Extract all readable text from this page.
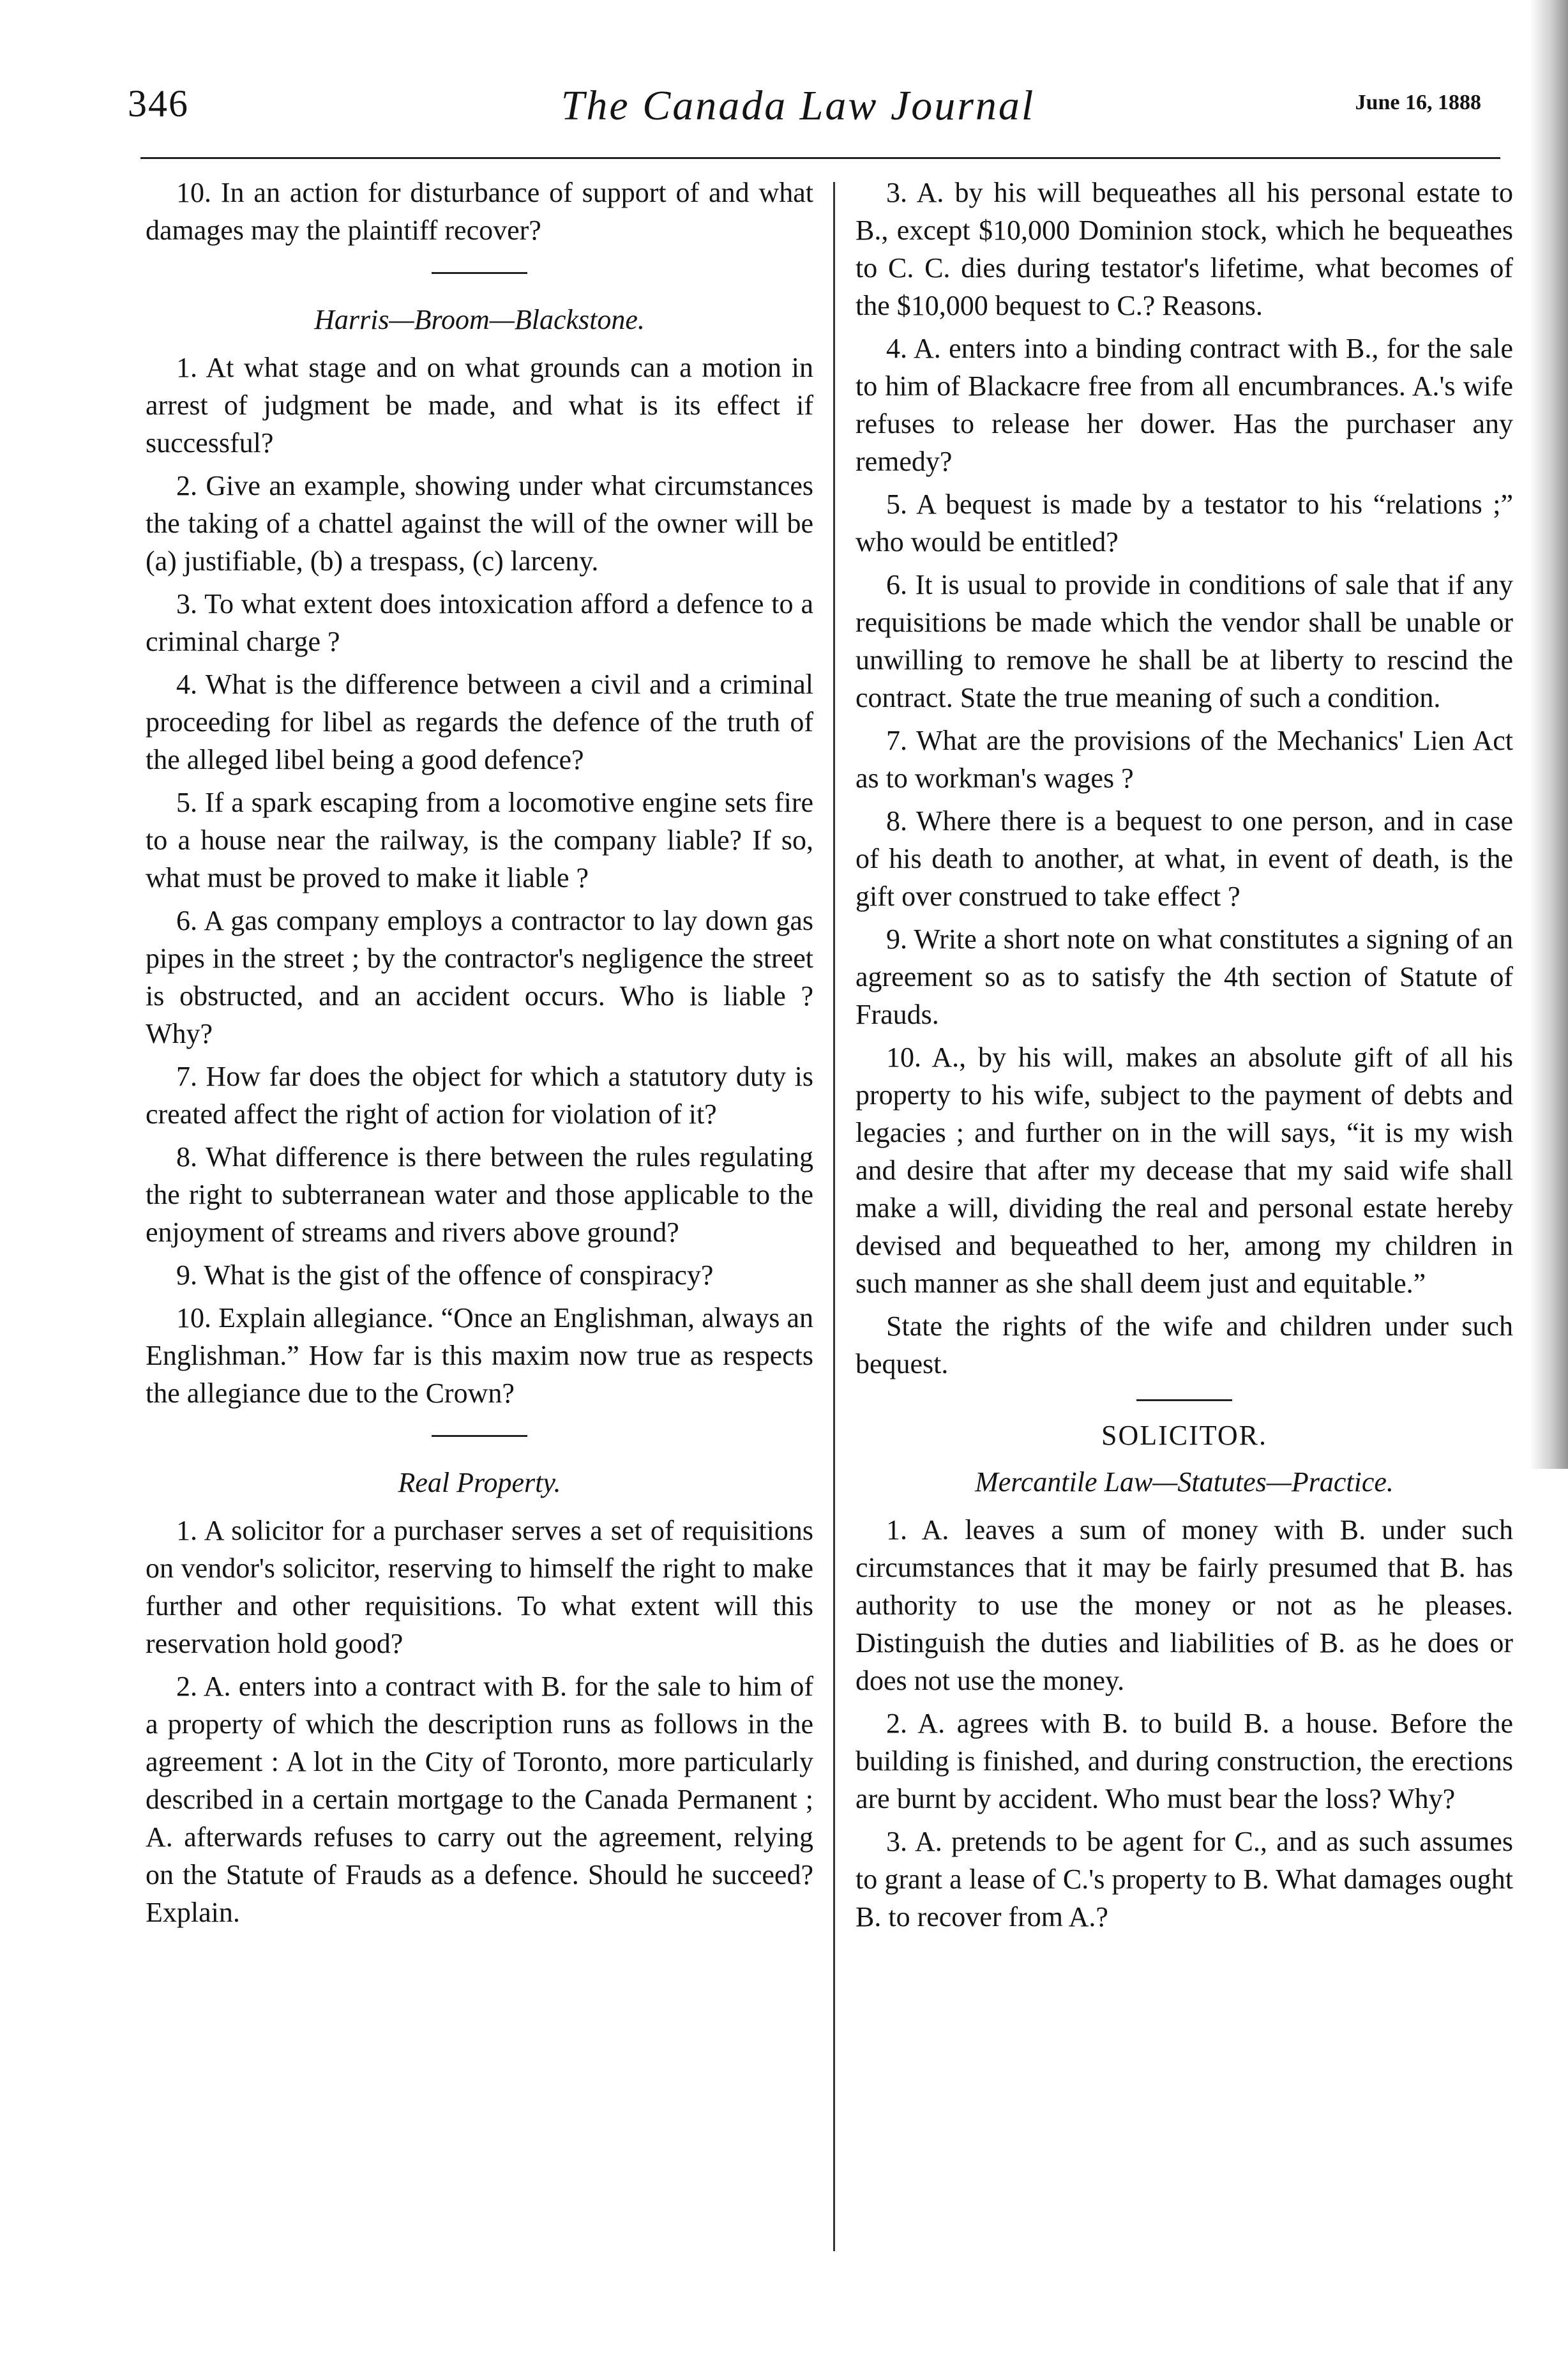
346	The Canada Law Journal	June 16, 1888

10. In an action for disturbance of support of and what damages may the plaintiff recover?

Harris—Broom—Blackstone.

1. At what stage and on what grounds can a motion in arrest of judgment be made, and what is its effect if successful?

2. Give an example, showing under what circumstances the taking of a chattel against the will of the owner will be (a) justifiable, (b) a trespass, (c) larceny.

3. To what extent does intoxication afford a defence to a criminal charge ?

4. What is the difference between a civil and a criminal proceeding for libel as regards the defence of the truth of the alleged libel being a good defence?

5. If a spark escaping from a locomotive engine sets fire to a house near the railway, is the company liable? If so, what must be proved to make it liable ?

6. A gas company employs a contractor to lay down gas pipes in the street ; by the contractor's negligence the street is obstructed, and an accident occurs. Who is liable ? Why?

7. How far does the object for which a statutory duty is created affect the right of action for violation of it?

8. What difference is there between the rules regulating the right to subterranean water and those applicable to the enjoyment of streams and rivers above ground?

9. What is the gist of the offence of conspiracy?

10. Explain allegiance. “Once an Englishman, always an Englishman.” How far is this maxim now true as respects the allegiance due to the Crown?

Real Property.

1. A solicitor for a purchaser serves a set of requisitions on vendor's solicitor, reserving to himself the right to make further and other requisitions. To what extent will this reservation hold good?

2. A. enters into a contract with B. for the sale to him of a property of which the description runs as follows in the agreement : A lot in the City of Toronto, more particularly described in a certain mortgage to the Canada Permanent ; A. afterwards refuses to carry out the agreement, relying on the Statute of Frauds as a defence. Should he succeed? Explain.

3. A. by his will bequeathes all his personal estate to B., except $10,000 Dominion stock, which he bequeathes to C. C. dies during testator's lifetime, what becomes of the $10,000 bequest to C.? Reasons.

4. A. enters into a binding contract with B., for the sale to him of Blackacre free from all encumbrances. A.'s wife refuses to release her dower. Has the purchaser any remedy?

5. A bequest is made by a testator to his “relations ;” who would be entitled?

6. It is usual to provide in conditions of sale that if any requisitions be made which the vendor shall be unable or unwilling to remove he shall be at liberty to rescind the contract. State the true meaning of such a condition.

7. What are the provisions of the Mechanics' Lien Act as to workman's wages ?

8. Where there is a bequest to one person, and in case of his death to another, at what, in event of death, is the gift over construed to take effect ?

9. Write a short note on what constitutes a signing of an agreement so as to satisfy the 4th section of Statute of Frauds.

10. A., by his will, makes an absolute gift of all his property to his wife, subject to the payment of debts and legacies ; and further on in the will says, “it is my wish and desire that after my decease that my said wife shall make a will, dividing the real and personal estate hereby devised and bequeathed to her, among my children in such manner as she shall deem just and equitable.”

State the rights of the wife and children under such bequest.

SOLICITOR.

Mercantile Law—Statutes—Practice.

1. A. leaves a sum of money with B. under such circumstances that it may be fairly presumed that B. has authority to use the money or not as he pleases. Distinguish the duties and liabilities of B. as he does or does not use the money.

2. A. agrees with B. to build B. a house. Before the building is finished, and during construction, the erections are burnt by accident. Who must bear the loss? Why?

3. A. pretends to be agent for C., and as such assumes to grant a lease of C.'s property to B. What damages ought B. to recover from A.?
